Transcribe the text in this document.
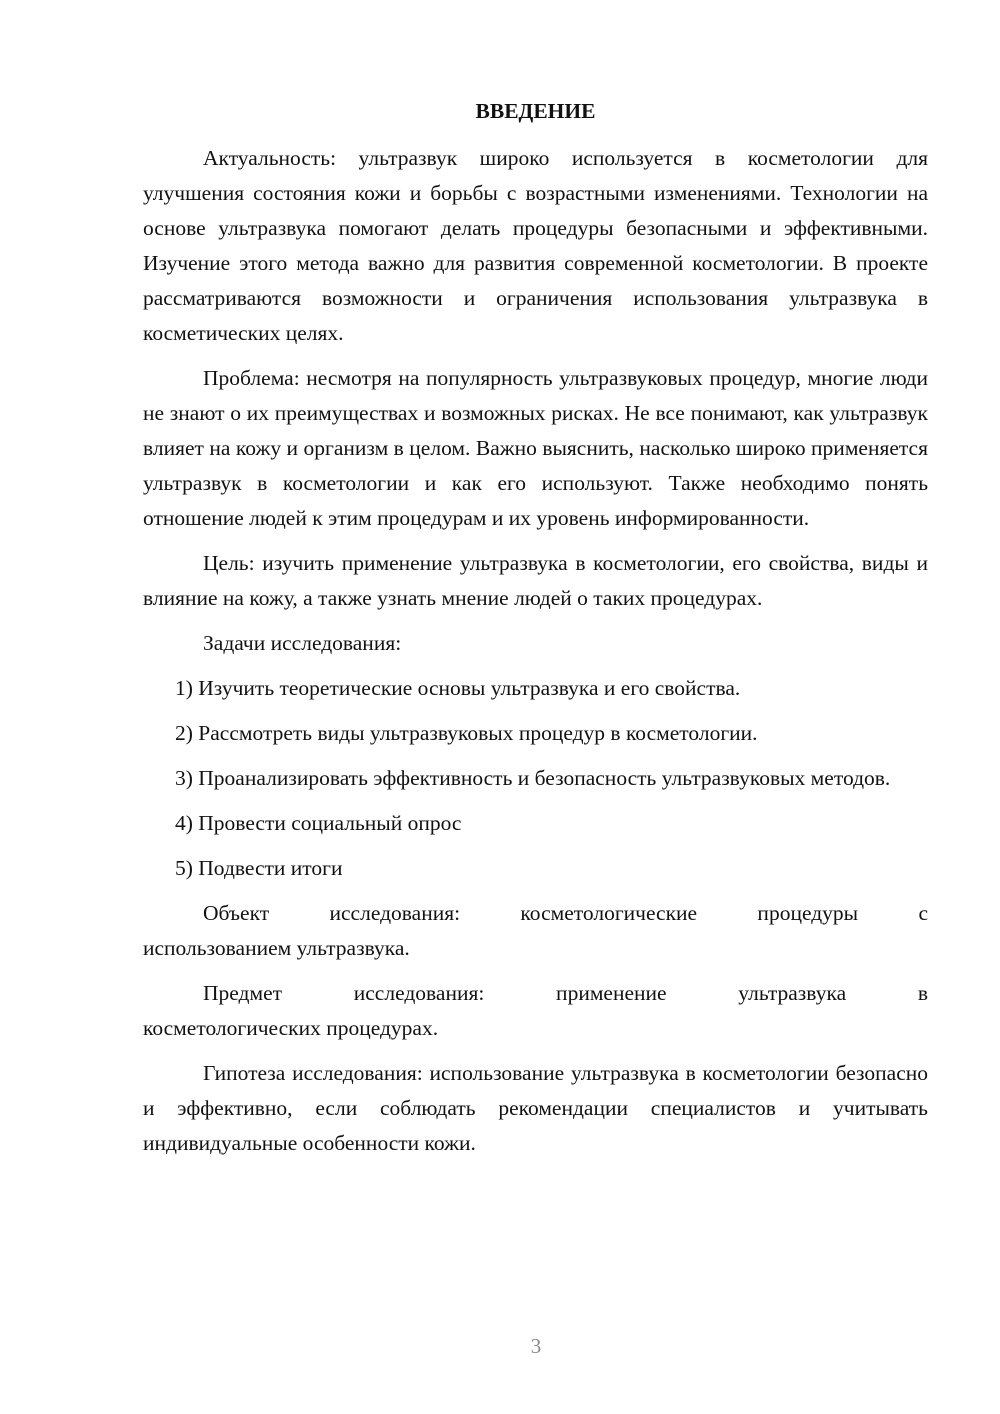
ВВЕДЕНИЕ

Актуальность: ультразвук широко используется в косметологии для улучшения состояния кожи и борьбы с возрастными изменениями. Технологии на основе ультразвука помогают делать процедуры безопасными и эффективными. Изучение этого метода важно для развития современной косметологии. В проекте рассматриваются возможности и ограничения использования ультразвука в косметических целях.

Проблема: несмотря на популярность ультразвуковых процедур, многие люди не знают о их преимуществах и возможных рисках. Не все понимают, как ультразвук влияет на кожу и организм в целом. Важно выяснить, насколько широко применяется ультразвук в косметологии и как его используют. Также необходимо понять отношение людей к этим процедурам и их уровень информированности.

Цель: изучить применение ультразвука в косметологии, его свойства, виды и влияние на кожу, а также узнать мнение людей о таких процедурах.

Задачи исследования:

1) Изучить теоретические основы ультразвука и его свойства.

2) Рассмотреть виды ультразвуковых процедур в косметологии.

3) Проанализировать эффективность и безопасность ультразвуковых методов.

4) Провести социальный опрос

5) Подвести итоги

Объект исследования: косметологические процедуры с
использованием ультразвука.
Предмет исследования: применение ультразвука в
косметологических процедурах.

Гипотеза исследования: использование ультразвука в косметологии безопасно и эффективно, если соблюдать рекомендации специалистов и учитывать индивидуальные особенности кожи.

3
